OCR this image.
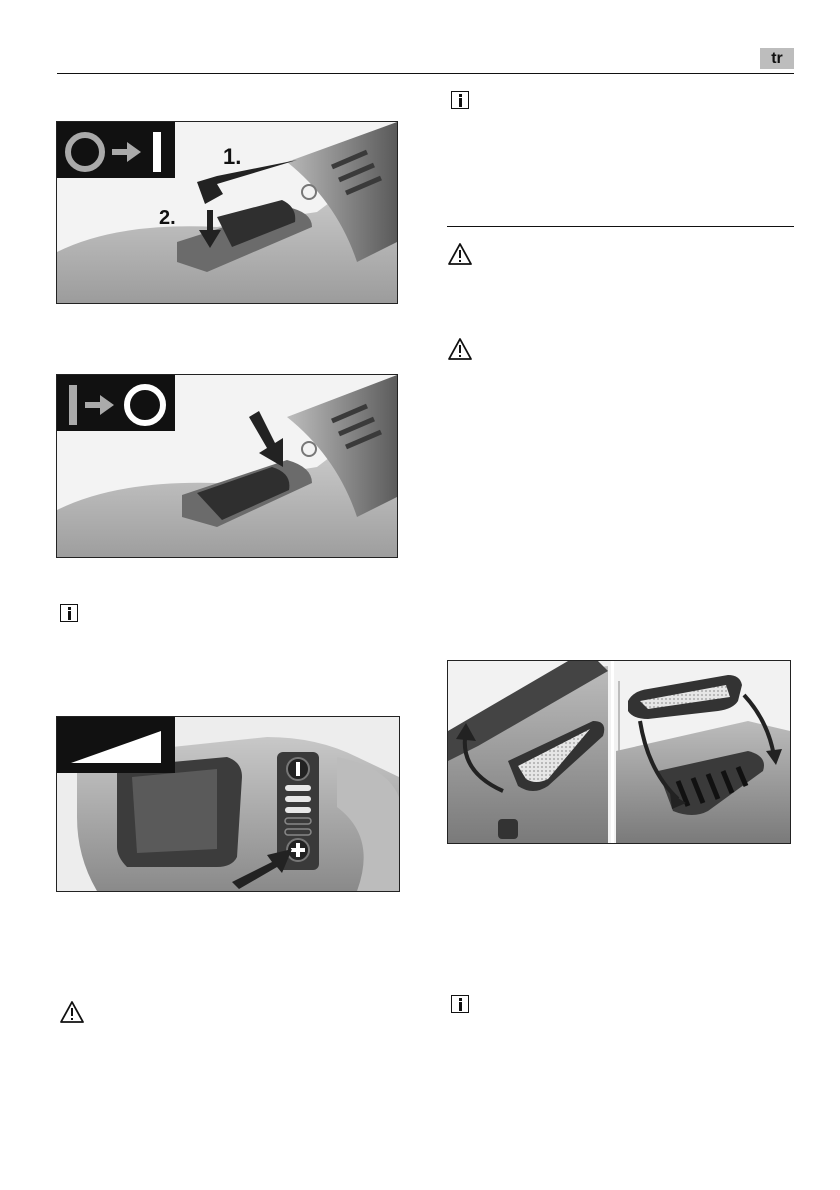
tr
1.
2.
